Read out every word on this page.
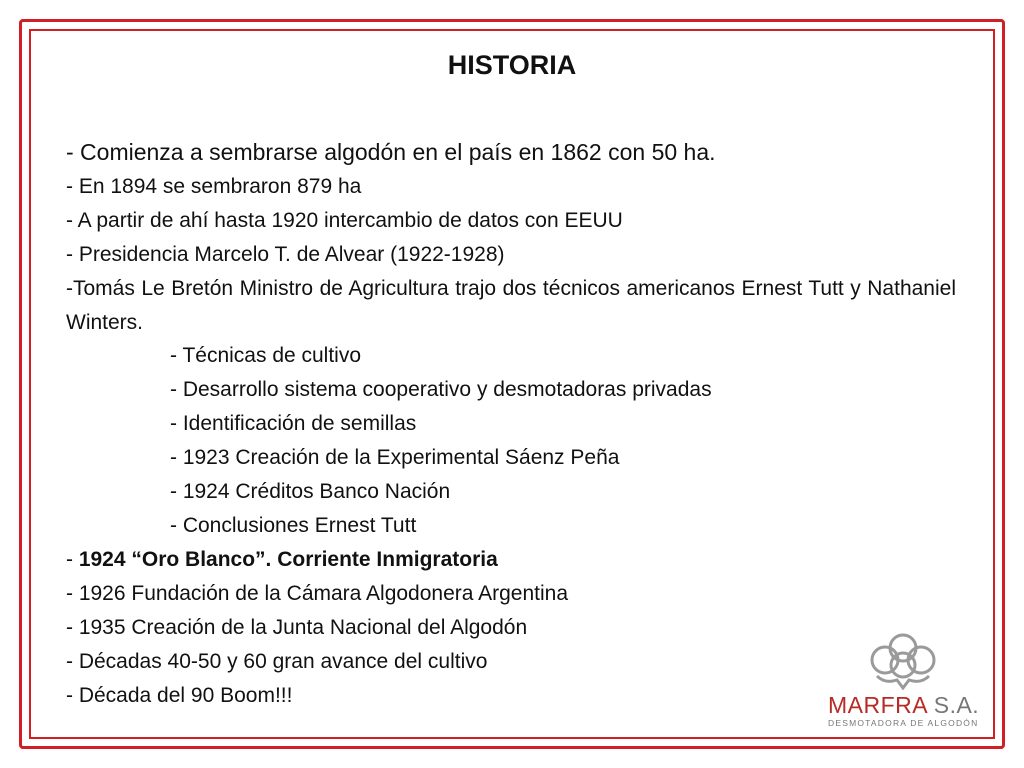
HISTORIA
- Comienza a sembrarse algodón en el país en 1862 con 50 ha.
- En 1894 se sembraron 879 ha
- A partir de ahí hasta 1920 intercambio de datos con EEUU
- Presidencia Marcelo T. de Alvear (1922-1928)
-Tomás Le Bretón Ministro de Agricultura trajo dos técnicos americanos Ernest Tutt y Nathaniel Winters.
- Técnicas de cultivo
- Desarrollo sistema cooperativo y desmotadoras privadas
- Identificación de semillas
- 1923 Creación de la Experimental Sáenz Peña
- 1924 Créditos Banco Nación
- Conclusiones Ernest Tutt
- 1924 “Oro Blanco”. Corriente Inmigratoria
- 1926 Fundación de la Cámara Algodonera Argentina
- 1935 Creación de la Junta Nacional del Algodón
- Décadas 40-50 y 60 gran avance del cultivo
- Década del 90 Boom!!!	MARFRA S.A.
DESMOTADORA DE ALGODÓN
